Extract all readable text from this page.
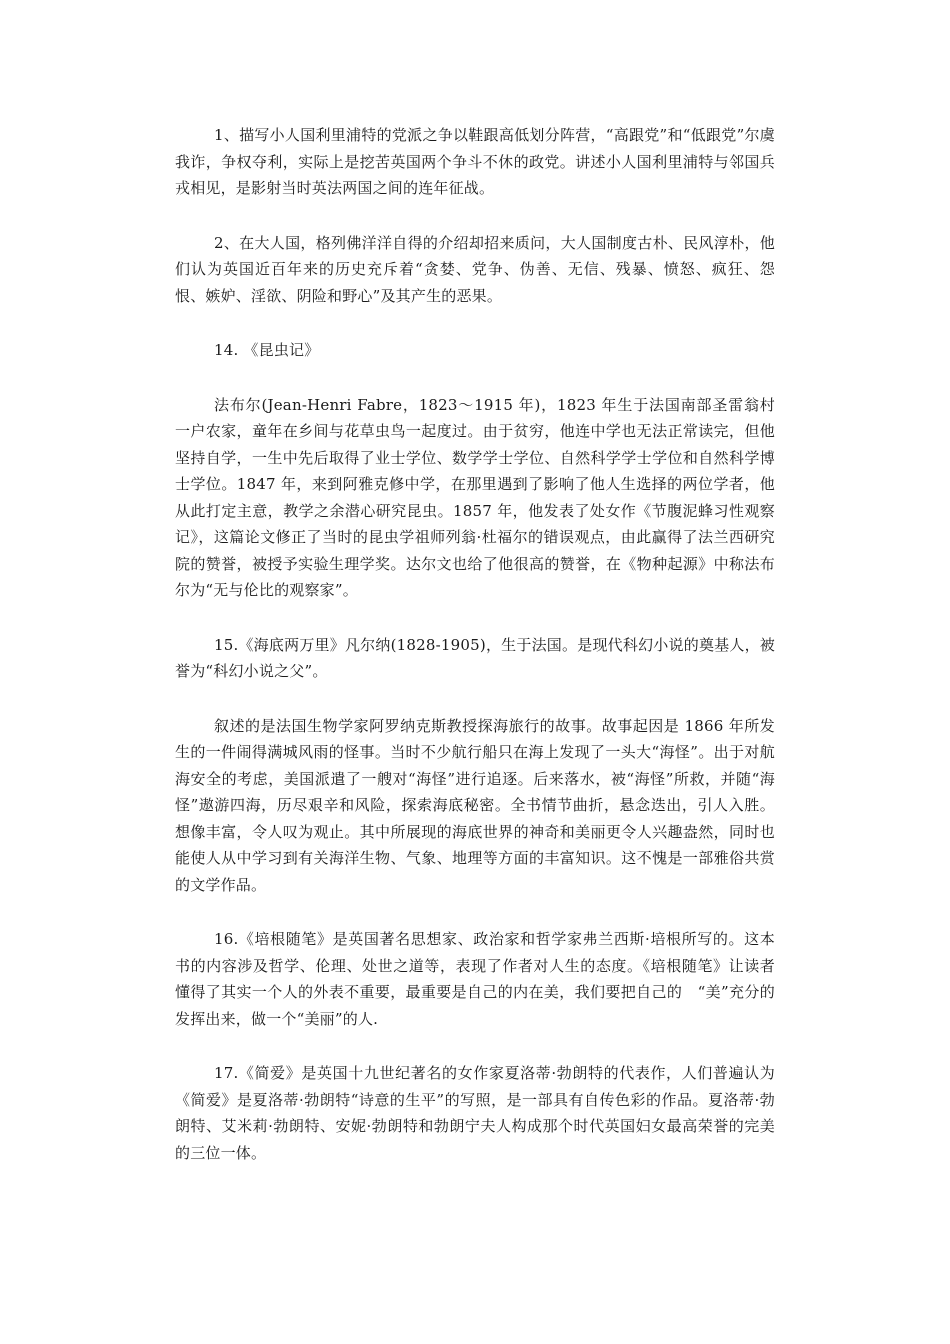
1、描写小人国利里浦特的党派之争以鞋跟高低划分阵营，“高跟党”和“低跟党”尔虞我诈，争权夺利，实际上是挖苦英国两个争斗不休的政党。讲述小人国利里浦特与邻国兵戎相见，是影射当时英法两国之间的连年征战。

2、在大人国，格列佛洋洋自得的介绍却招来质问，大人国制度古朴、民风淳朴，他们认为英国近百年来的历史充斥着“贪婪、党争、伪善、无信、残暴、愤怒、疯狂、怨恨、嫉妒、淫欲、阴险和野心”及其产生的恶果。

14. 《昆虫记》

法布尔(Jean-Henri Fabre，1823～1915 年)，1823 年生于法国南部圣雷翁村一户农家，童年在乡间与花草虫鸟一起度过。由于贫穷，他连中学也无法正常读完，但他坚持自学，一生中先后取得了业士学位、数学学士学位、自然科学学士学位和自然科学博士学位。1847 年，来到阿雅克修中学，在那里遇到了影响了他人生选择的两位学者，他从此打定主意，教学之余潜心研究昆虫。1857 年，他发表了处女作《节腹泥蜂习性观察记》，这篇论文修正了当时的昆虫学祖师列翁·杜福尔的错误观点，由此赢得了法兰西研究院的赞誉，被授予实验生理学奖。达尔文也给了他很高的赞誉，在《物种起源》中称法布尔为“无与伦比的观察家”。

15.《海底两万里》凡尔纳(1828-1905)，生于法国。是现代科幻小说的奠基人，被誉为“科幻小说之父”。

叙述的是法国生物学家阿罗纳克斯教授探海旅行的故事。故事起因是 1866 年所发生的一件闹得满城风雨的怪事。当时不少航行船只在海上发现了一头大“海怪”。出于对航海安全的考虑，美国派遣了一艘对“海怪”进行追逐。后来落水，被“海怪”所救，并随“海怪”遨游四海，历尽艰辛和风险，探索海底秘密。全书情节曲折，悬念迭出，引人入胜。想像丰富，令人叹为观止。其中所展现的海底世界的神奇和美丽更令人兴趣盎然，同时也能使人从中学习到有关海洋生物、气象、地理等方面的丰富知识。这不愧是一部雅俗共赏的文学作品。

16.《培根随笔》是英国著名思想家、政治家和哲学家弗兰西斯·培根所写的。这本书的内容涉及哲学、伦理、处世之道等，表现了作者对人生的态度。《培根随笔》让读者懂得了其实一个人的外表不重要，最重要是自己的内在美，我们要把自己的　“美”充分的发挥出来，做一个“美丽”的人.

17.《简爱》是英国十九世纪著名的女作家夏洛蒂·勃朗特的代表作，人们普遍认为《简爱》是夏洛蒂·勃朗特“诗意的生平”的写照，是一部具有自传色彩的作品。夏洛蒂·勃朗特、艾米莉·勃朗特、安妮·勃朗特和勃朗宁夫人构成那个时代英国妇女最高荣誉的完美的三位一体。
